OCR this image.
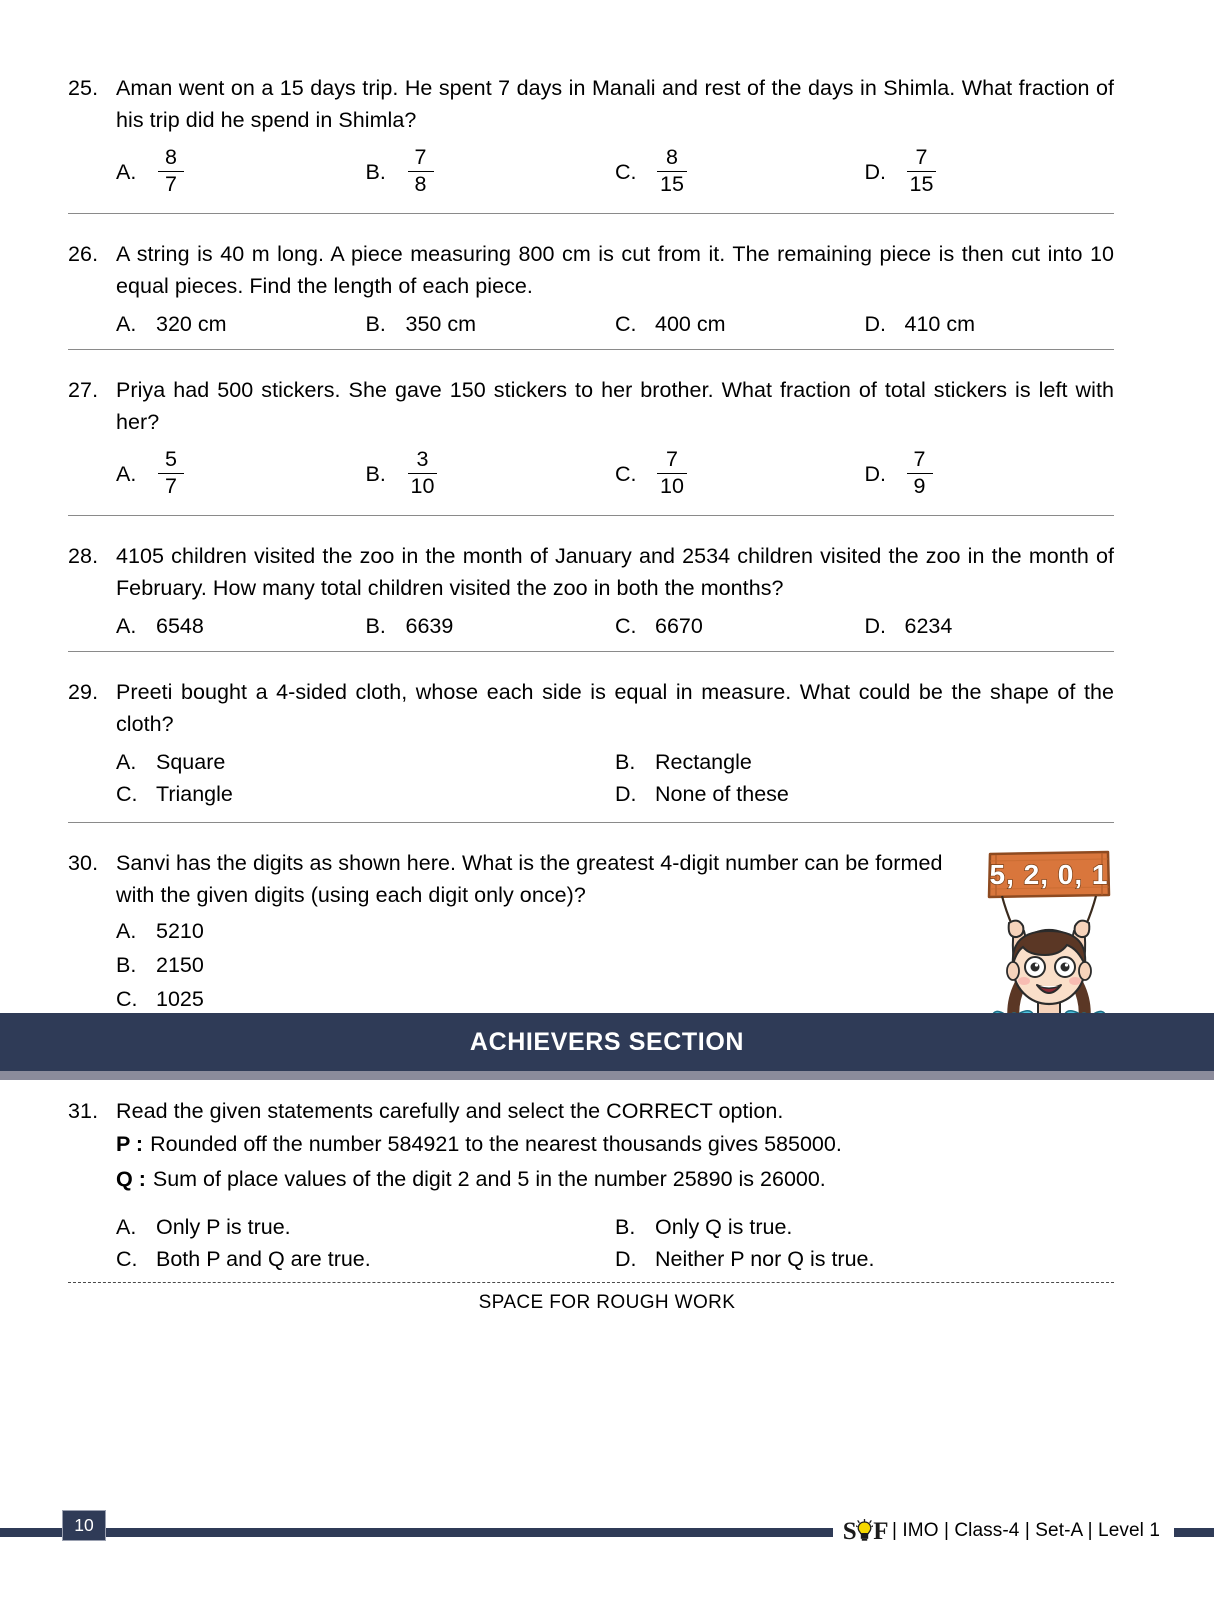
25. Aman went on a 15 days trip. He spent 7 days in Manali and rest of the days in Shimla. What fraction of his trip did he spend in Shimla?
A.	$\frac{8}{7}$	B.	$\frac{7}{8}$	C. $\frac{8}{15}$	D. $\frac{7}{15}$
26. A string is 40 m long. A piece measuring 800 cm is cut from it. The remaining piece is then cut into 10 equal pieces. Find the length of each piece.
A. 320 cm	B. 350 cm	C. 400 cm	D. 410 cm
27. Priya had 500 stickers. She gave 150 stickers to her brother. What fraction of total stickers is left with her?
A.	$\frac{5}{7}$	B.	$\frac{3}{10}$	C. $\frac{7}{10}$	D. $\frac{7}{9}$
28. 4105 children visited the zoo in the month of January and 2534 children visited the zoo in the month of February. How many total children visited the zoo in both the months?
A. 6548	B. 6639	C. 6670	D. 6234
29. Preeti bought a 4-sided cloth, whose each side is equal in measure. What could be the shape of the cloth?
A. Square	B. Rectangle
C. Triangle	D. None of these
30. Sanvi has the digits as shown here. What is the greatest 4-digit number can be formed with the given digits (using each digit only once)?
A. 5210
B. 2150
C. 1025
5, 2, 0, 1
ACHIEVERS SECTION
31. Read the given statements carefully and select the CORRECT option.
P : Rounded off the number 584921 to the nearest thousands gives 585000.
Q : Sum of place values of the digit 2 and 5 in the number 25890 is 26000.
A. Only P is true.	B. Only Q is true.
C. Both P and Q are true.	D. Neither P nor Q is true.
SPACE FOR ROUGH WORK
10	S F | IMO | Class-4 | Set-A | Level 1
